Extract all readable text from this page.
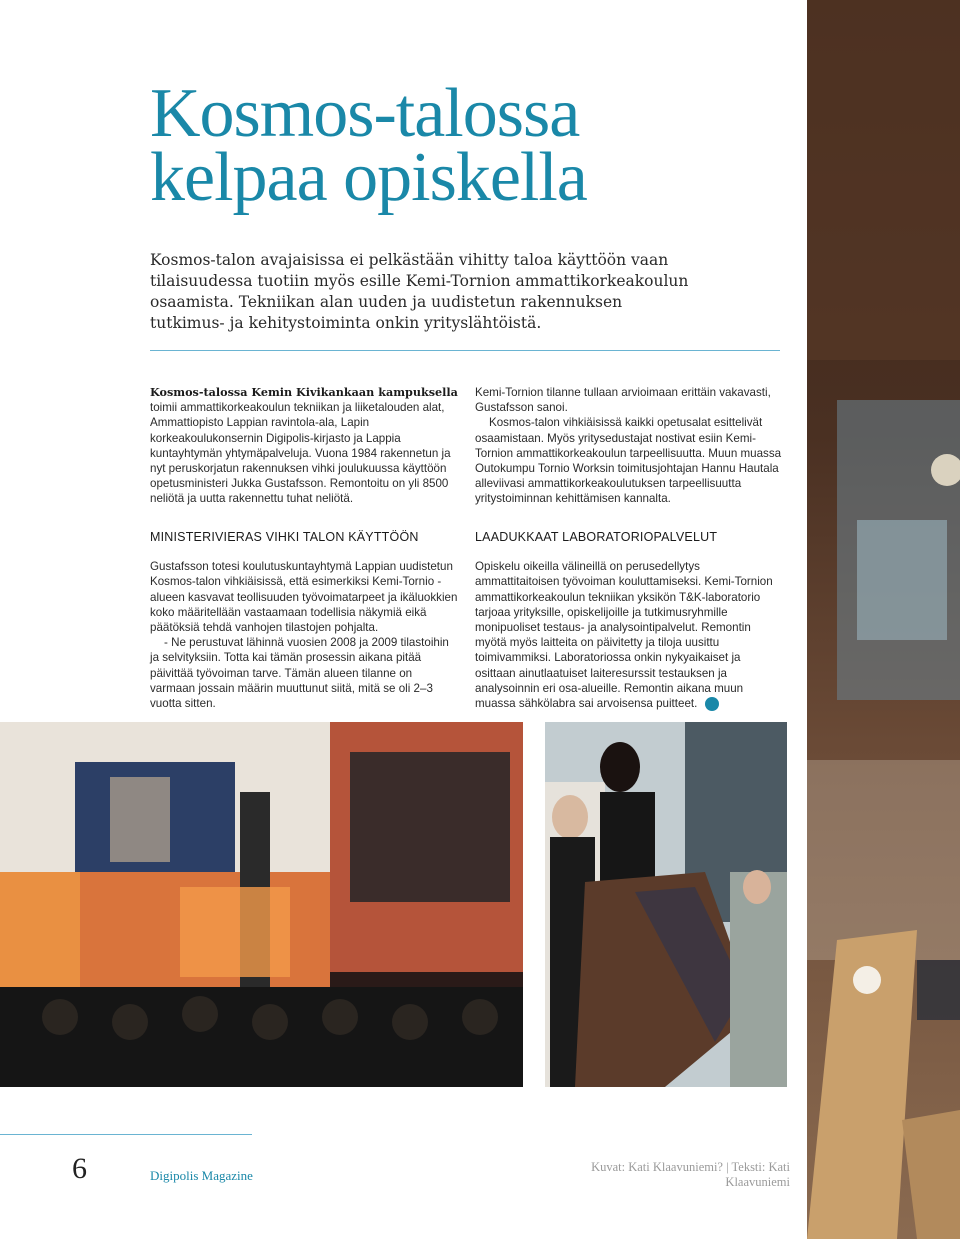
Kosmos-talossa
kelpaa opiskella
Kosmos-talon avajaisissa ei pelkästään vihitty taloa käyttöön vaan
tilaisuudessa tuotiin myös esille Kemi-Tornion ammattikorkeakoulun
osaamista. Tekniikan alan uuden ja uudistetun rakennuksen
tutkimus- ja kehitystoiminta onkin yrityslähtöistä.

Kosmos-talossa Kemin Kivikankaan kampuksella toimii ammattikorkeakoulun tekniikan ja liiketalouden alat, Ammattiopisto Lappian ravintola-ala, Lapin korkeakoulukonsernin Digipolis-kirjasto ja Lappia kuntayhtymän yhtymäpalveluja. Vuona 1984 rakennetun ja nyt peruskorjatun rakennuksen vihki joulukuussa käyttöön opetusministeri Jukka Gustafsson. Remontoitu on yli 8500 neliötä ja uutta rakennettu tuhat neliötä.

MINISTERIVIERAS VIHKI TALON KÄYTTÖÖN

Gustafsson totesi koulutuskuntayhtymä Lappian uudistetun Kosmos-talon vihkiäisissä, että esimerkiksi Kemi-Tornio -alueen kasvavat teollisuuden työvoimatarpeet ja ikäluokkien koko määritellään vastaamaan todellisia näkymiä eikä päätöksiä tehdä vanhojen tilastojen pohjalta.

- Ne perustuvat lähinnä vuosien 2008 ja 2009 tilastoihin ja selvityksiin. Totta kai tämän prosessin aikana pitää päivittää työvoiman tarve. Tämän alueen tilanne on varmaan jossain määrin muuttunut siitä, mitä se oli 2–3 vuotta sitten.

Kemi-Tornion tilanne tullaan arvioimaan erittäin vakavasti, Gustafsson sanoi.

Kosmos-talon vihkiäisissä kaikki opetusalat esittelivät osaamistaan. Myös yritysedustajat nostivat esiin Kemi-Tornion ammattikorkeakoulun tarpeellisuutta. Muun muassa Outokumpu Tornio Worksin toimitusjohtajan Hannu Hautala alleviivasi ammattikorkeakoulutuksen tarpeellisuutta yritystoiminnan kehittämisen kannalta.

LAADUKKAAT LABORATORIOPALVELUT

Opiskelu oikeilla välineillä on perusedellytys ammattitaitoisen työvoiman kouluttamiseksi. Kemi-Tornion ammattikorkeakoulun tekniikan yksikön T&K-laboratorio tarjoaa yrityksille, opiskelijoille ja tutkimusryhmille monipuoliset testaus- ja analysointipalvelut. Remontin myötä myös laitteita on päivitetty ja tiloja uusittu toimivammiksi. Laboratoriossa onkin nykyaikaiset ja osittaan ainutlaatuiset laiteresurssit testauksen ja analysoinnin eri osa-alueille. Remontin aikana muun muassa sähkölabra sai arvoisensa puitteet.

6	Digipolis Magazine
Kuvat: Kati Klaavuniemi? | Teksti: Kati Klaavuniemi
